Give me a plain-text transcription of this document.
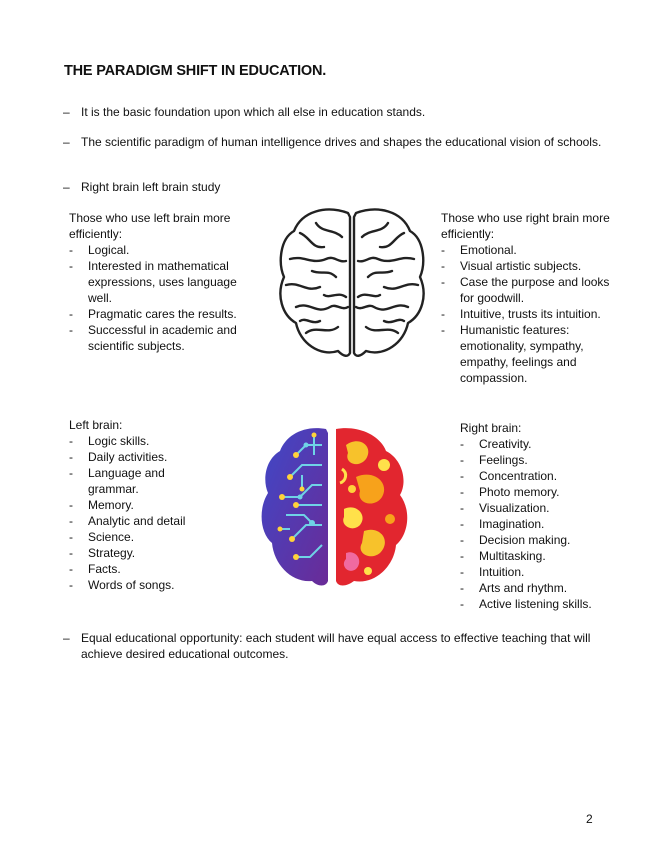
THE PARADIGM SHIFT IN EDUCATION.
– It is the basic foundation upon which all else in education stands.
– The scientific paradigm of human intelligence drives and shapes the educational vision of schools.
– Right brain left brain study
Those who use left brain more efficiently:
- Logical.
- Interested in mathematical expressions, uses language well.
- Pragmatic cares the results.
- Successful in academic and scientific subjects.
Those who use right brain more efficiently:
- Emotional.
- Visual artistic subjects.
- Case the purpose and looks for goodwill.
- Intuitive, trusts its intuition.
- Humanistic features: emotionality, sympathy, empathy, feelings and compassion.
Left brain:
- Logic skills.
- Daily activities.
- Language and grammar.
- Memory.
- Analytic and detail
- Science.
- Strategy.
- Facts.
- Words of songs.
Right brain:
- Creativity.
- Feelings.
- Concentration.
- Photo memory.
- Visualization.
- Imagination.
- Decision making.
- Multitasking.
- Intuition.
- Arts and rhythm.
- Active listening skills.
– Equal educational opportunity: each student will have equal access to effective teaching that will achieve desired educational outcomes.
2
